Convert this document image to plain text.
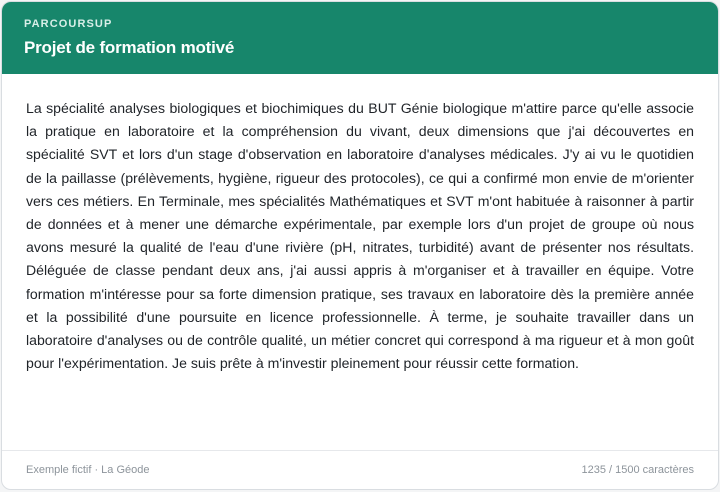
PARCOURSUP
Projet de formation motivé

La spécialité analyses biologiques et biochimiques du BUT Génie biologique m'attire parce qu'elle associe la pratique en laboratoire et la compréhension du vivant, deux dimensions que j'ai découvertes en spécialité SVT et lors d'un stage d'observation en laboratoire d'analyses médicales. J'y ai vu le quotidien de la paillasse (prélèvements, hygiène, rigueur des protocoles), ce qui a confirmé mon envie de m'orienter vers ces métiers. En Terminale, mes spécialités Mathématiques et SVT m'ont habituée à raisonner à partir de données et à mener une démarche expérimentale, par exemple lors d'un projet de groupe où nous avons mesuré la qualité de l'eau d'une rivière (pH, nitrates, turbidité) avant de présenter nos résultats. Déléguée de classe pendant deux ans, j'ai aussi appris à m'organiser et à travailler en équipe. Votre formation m'intéresse pour sa forte dimension pratique, ses travaux en laboratoire dès la première année et la possibilité d'une poursuite en licence professionnelle. À terme, je souhaite travailler dans un laboratoire d'analyses ou de contrôle qualité, un métier concret qui correspond à ma rigueur et à mon goût pour l'expérimentation. Je suis prête à m'investir pleinement pour réussir cette formation.

Exemple fictif · La Géode	1235 / 1500 caractères
